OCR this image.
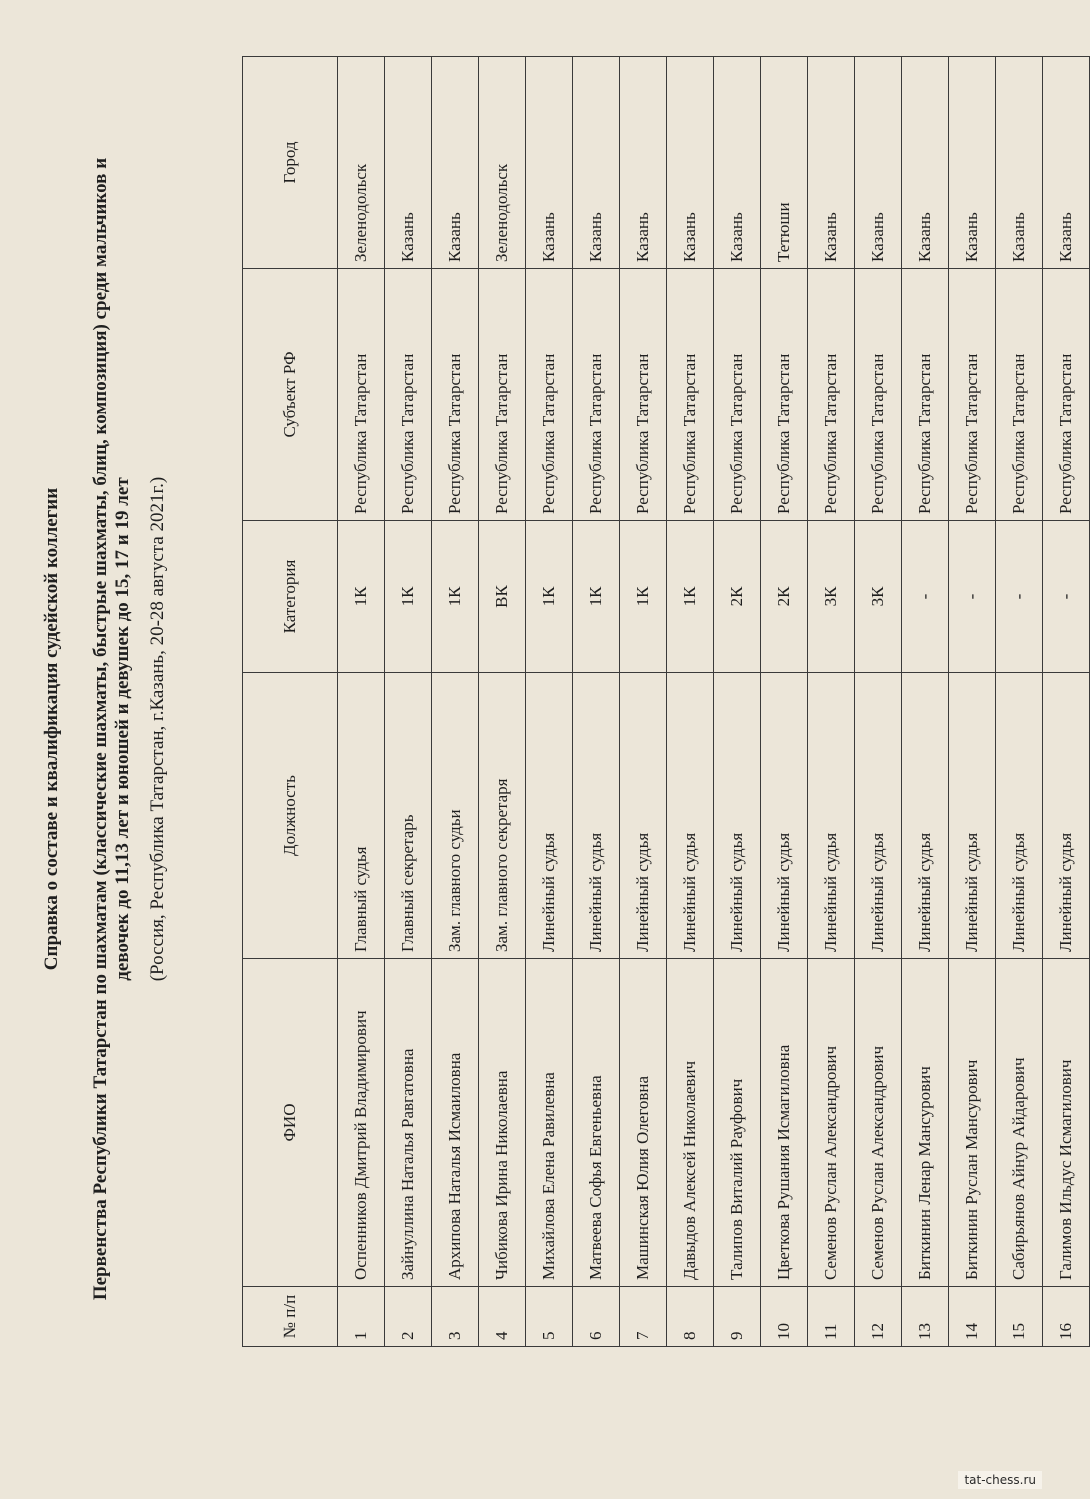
Справка о составе и квалификация судейской коллегии Первенства Республики Татарстан по шахматам (классические шахматы, быстрые шахматы, блиц, композиция) среди мальчиков и девочек до 11,13 лет и юношей и девушек до 15, 17 и 19 лет (Россия, Республика Татарстан, г.Казань, 20-28 августа 2021г.)
№ п/п	ФИО	Должность	Категория	Субъект РФ	Город
1	Оспенников Дмитрий Владимирович	Главный судья	1К	Республика Татарстан	Зеленодольск
2	Зайнуллина Наталья Равгатовна	Главный секретарь	1К	Республика Татарстан	Казань
3	Архипова Наталья Исмаиловна	Зам. главного судьи	1К	Республика Татарстан	Казань
4	Чибикова Ирина Николаевна	Зам. главного секретаря	ВК	Республика Татарстан	Зеленодольск
5	Михайлова Елена Равилевна	Линейный судья	1К	Республика Татарстан	Казань
6	Матвеева Софья Евгеньевна	Линейный судья	1К	Республика Татарстан	Казань
7	Машинская Юлия Олеговна	Линейный судья	1К	Республика Татарстан	Казань
8	Давыдов Алексей Николаевич	Линейный судья	1К	Республика Татарстан	Казань
9	Талипов Виталий Рауфович	Линейный судья	2К	Республика Татарстан	Казань
10	Цветкова Рушания Исмагиловна	Линейный судья	2К	Республика Татарстан	Тетюши
11	Семенов Руслан Александрович	Линейный судья	3К	Республика Татарстан	Казань
12	Семенов Руслан Александрович	Линейный судья	3К	Республика Татарстан	Казань
13	Биткинин Ленар Мансурович	Линейный судья	-	Республика Татарстан	Казань
14	Биткинин Руслан Мансурович	Линейный судья	-	Республика Татарстан	Казань
15	Сабирьянов Айнур Айдарович	Линейный судья	-	Республика Татарстан	Казань
16	Галимов Ильдус Исмагилович	Линейный судья	-	Республика Татарстан	Казань
tat-chess.ru
